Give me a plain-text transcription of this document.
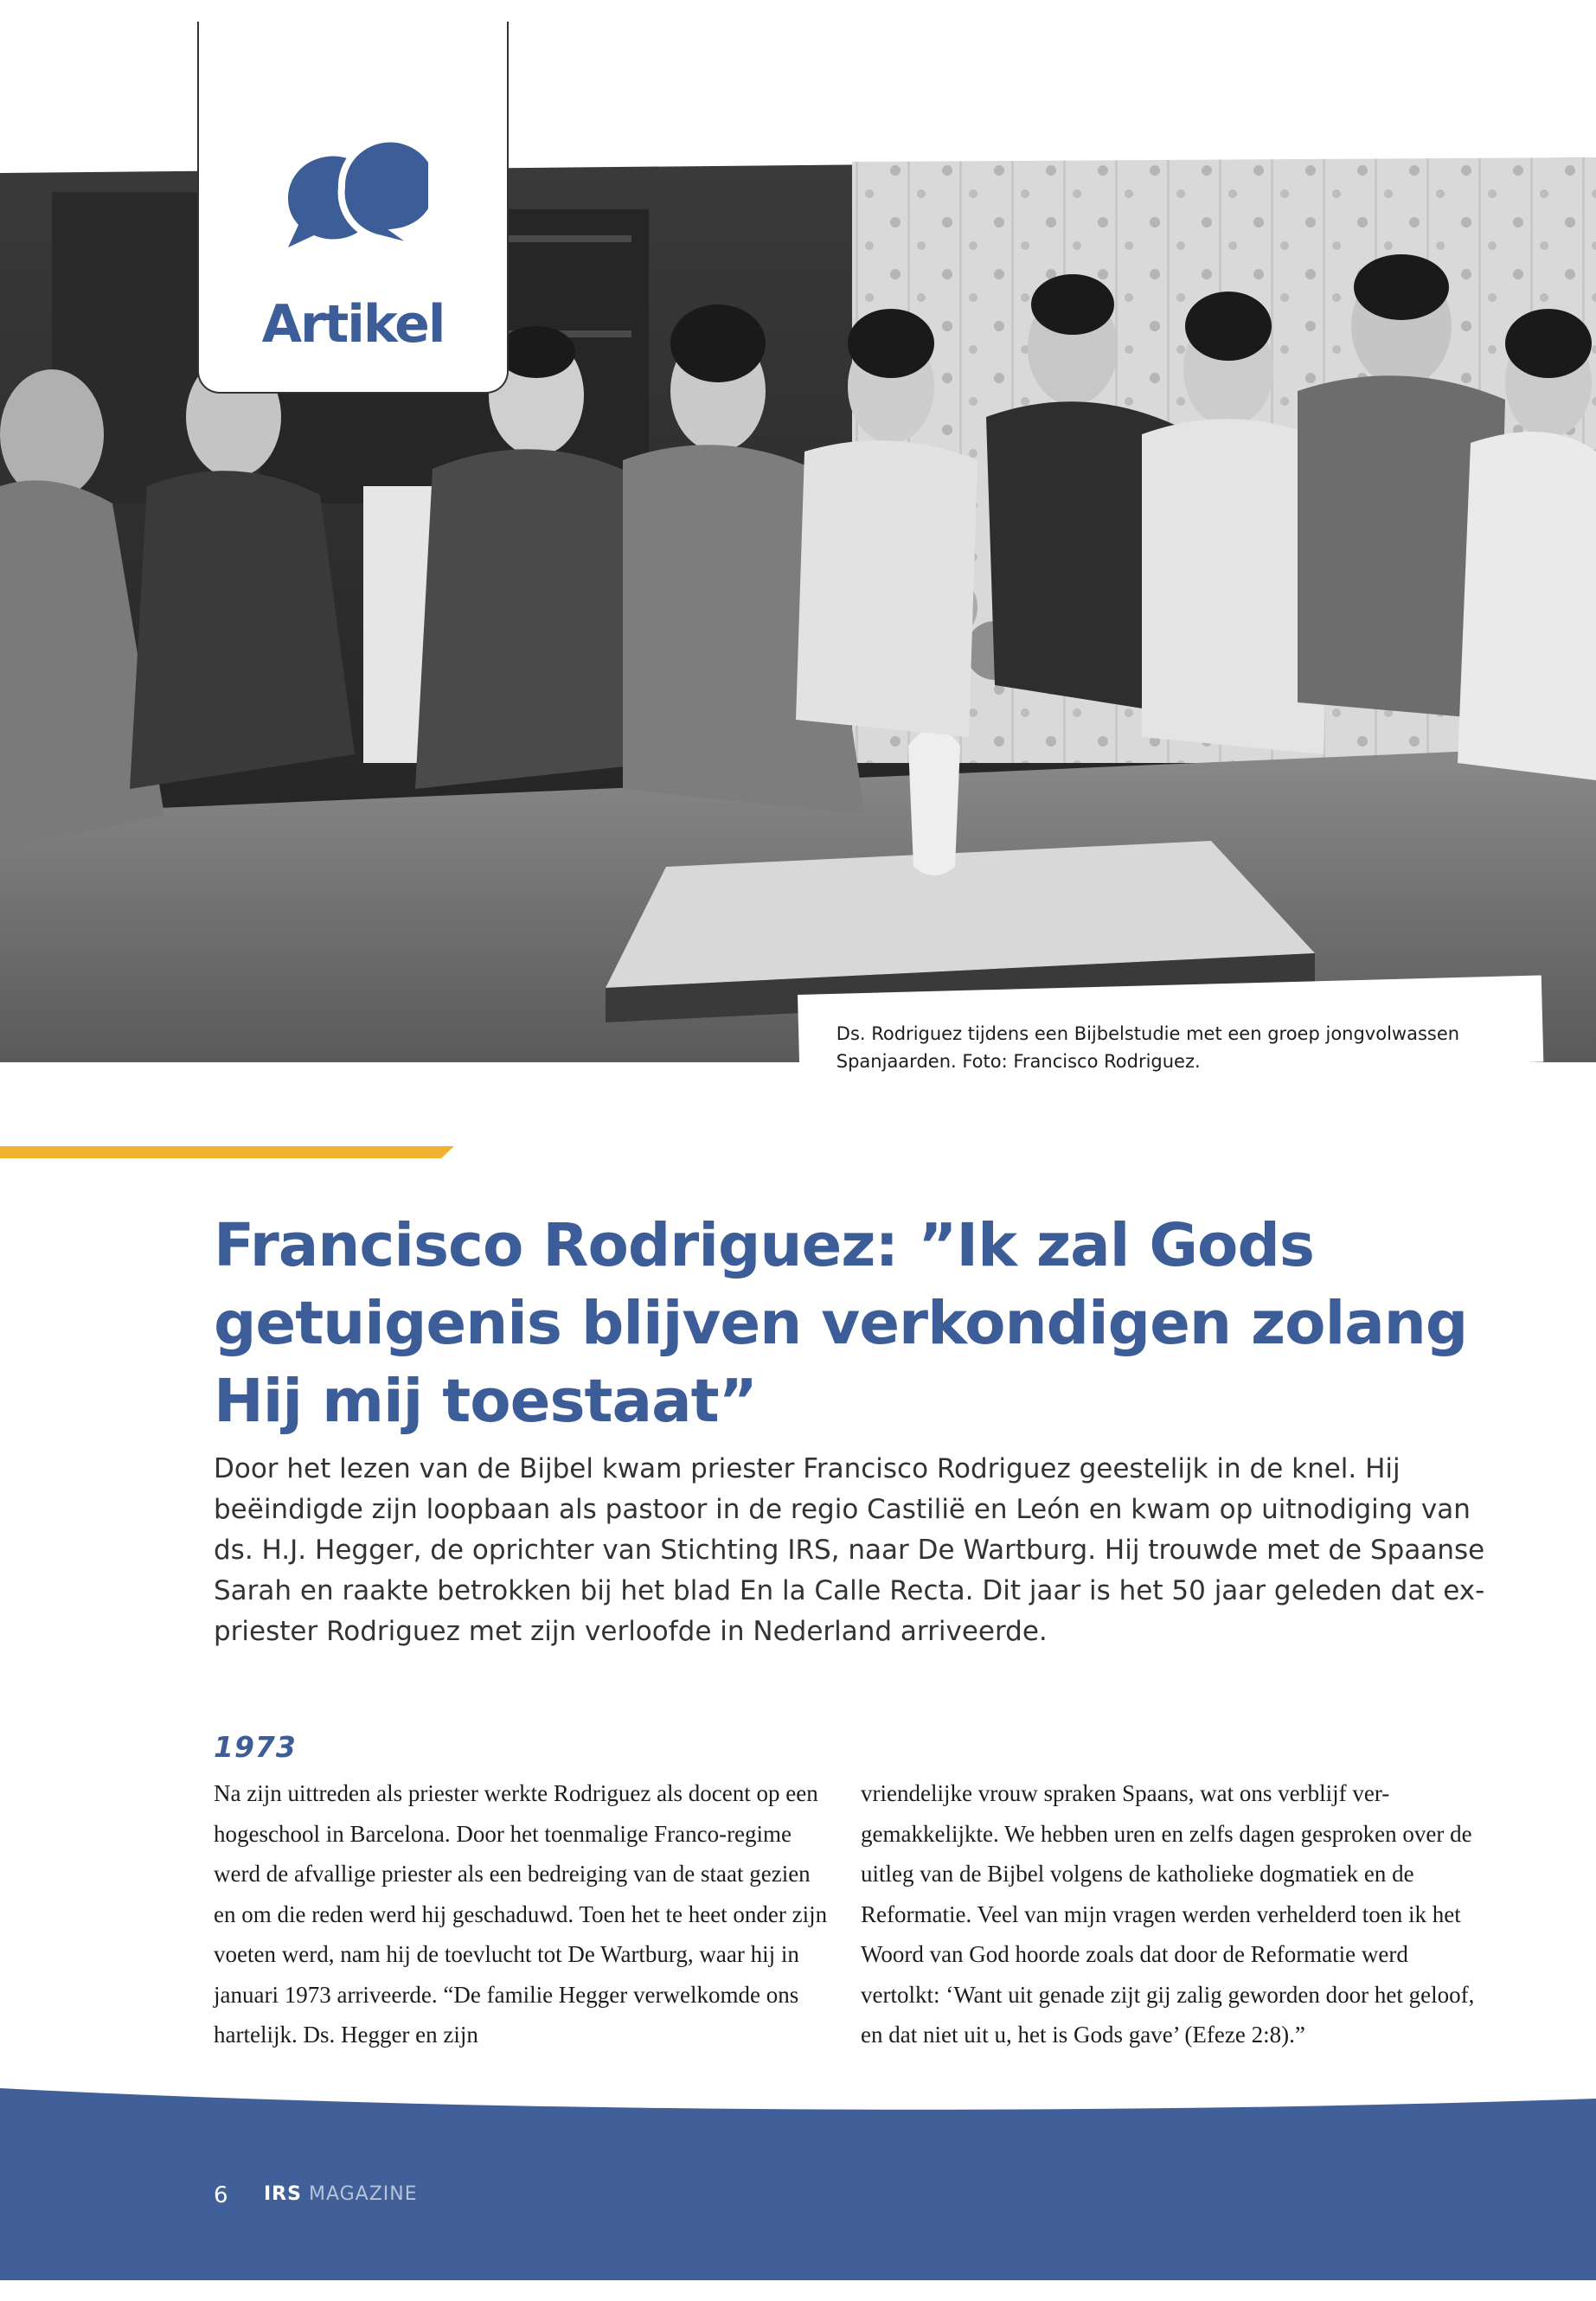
Ds. Rodriguez tijdens een Bijbelstudie met een groep jongvolwassen Spanjaarden. Foto: Francisco Rodriguez.

Artikel
Francisco Rodriguez: ”Ik zal Gods getuigenis blijven verkondigen zolang Hij mij toestaat”

Door het lezen van de Bijbel kwam priester Francisco Rodriguez geestelijk in de knel. Hij beëindigde zijn loopbaan als pastoor in de regio Castilië en León en kwam op uitnodiging van ds. H.J. Hegger, de oprichter van Stichting IRS, naar De Wartburg. Hij trouwde met de Spaanse Sarah en raakte betrokken bij het blad En la Calle Recta. Dit jaar is het 50 jaar geleden dat ex-priester Rodriguez met zijn verloofde in Nederland arriveerde.

1973

Na zijn uittreden als priester werkte Rodriguez als docent op een hogeschool in Barcelona. Door het toenmalige Franco-regime werd de afvallige priester als een bedreiging van de staat gezien en om die reden werd hij geschaduwd. Toen het te heet onder zijn voeten werd, nam hij de toevlucht tot De Wartburg, waar hij in januari 1973 arriveerde. “De familie Hegger verwelkomde ons hartelijk. Ds. Hegger en zijn

vriendelijke vrouw spraken Spaans, wat ons verblijf ver-gemakkelijkte. We hebben uren en zelfs dagen gesproken over de uitleg van de Bijbel volgens de katholieke dogmatiek en de Reformatie. Veel van mijn vragen werden verhelderd toen ik het Woord van God hoorde zoals dat door de Reformatie werd vertolkt: ‘Want uit genade zijt gij zalig geworden door het geloof, en dat niet uit u, het is Gods gave’ (Efeze 2:8).”

6 IRS MAGAZINE
